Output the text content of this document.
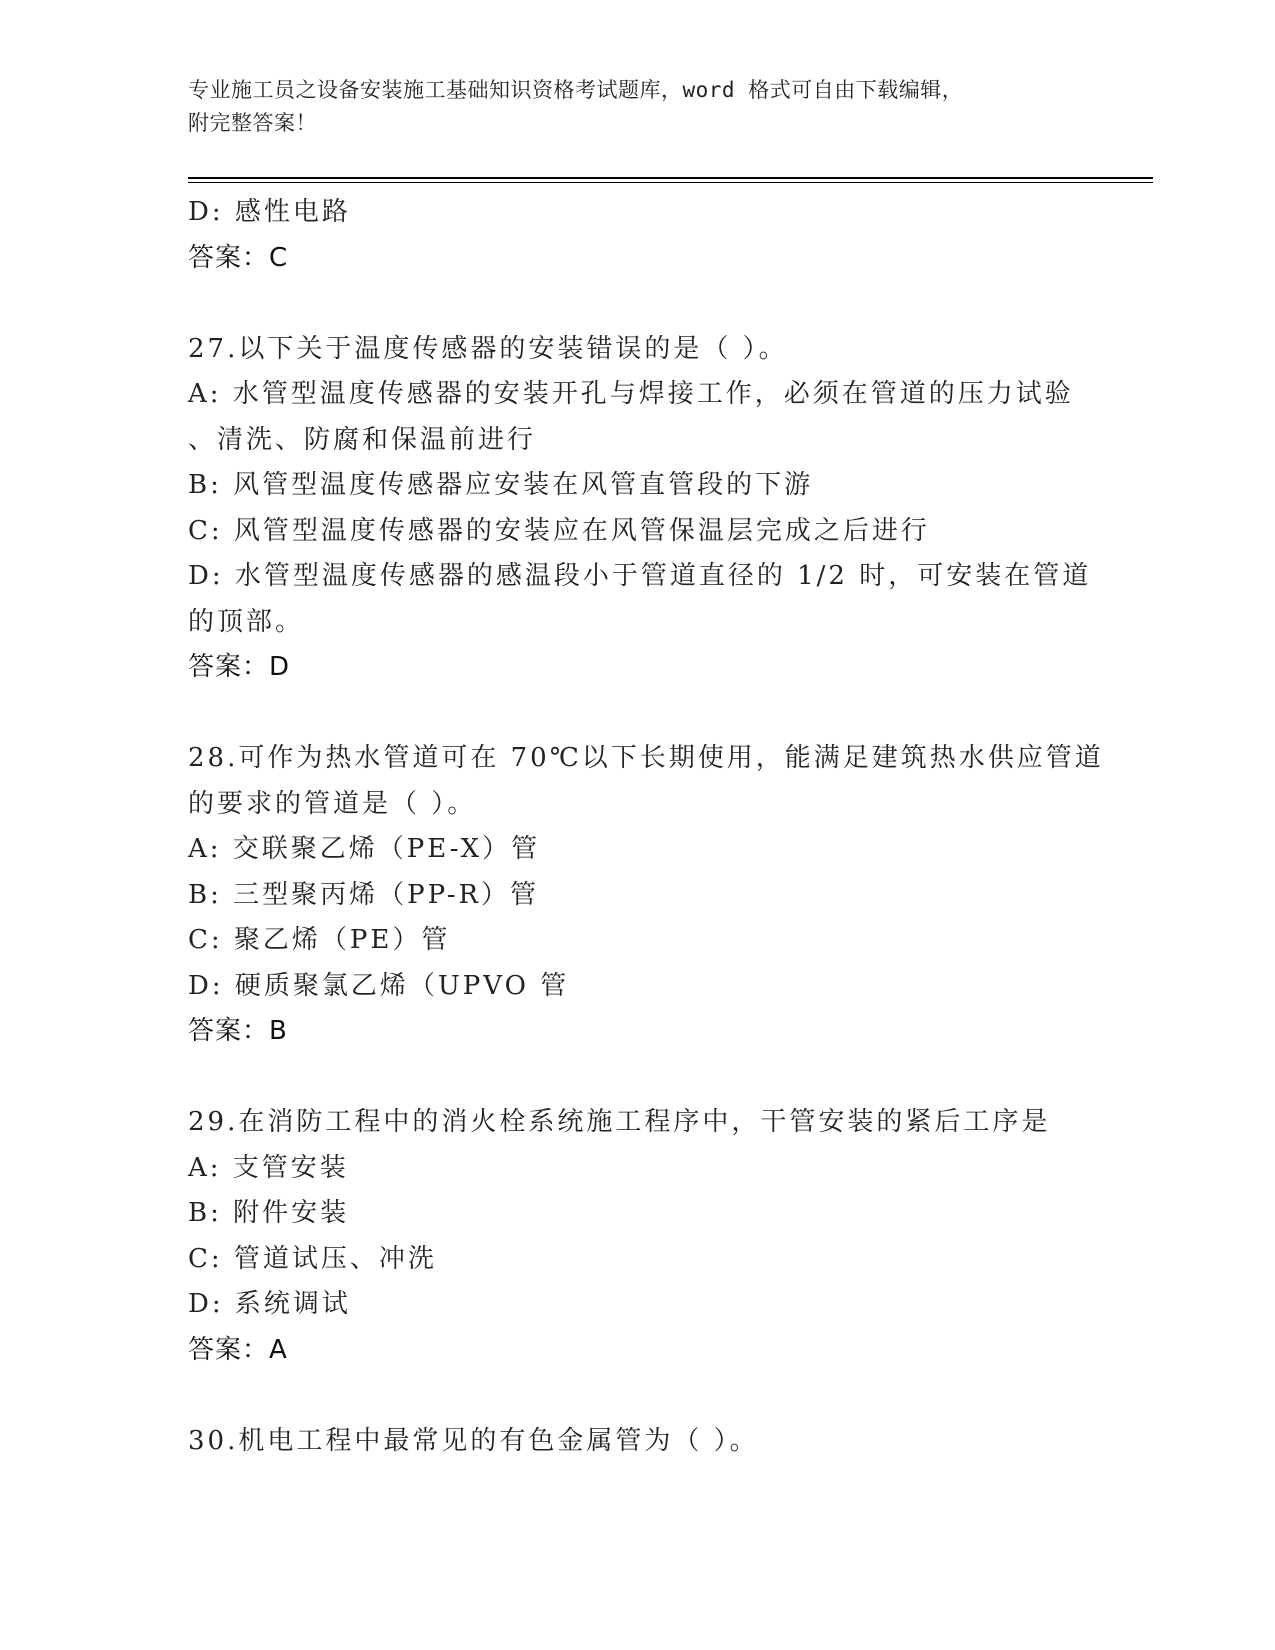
专业施工员之设备安装施工基础知识资格考试题库，word 格式可自由下载编辑，
附完整答案！
D: 感性电路
答案：C
27.以下关于温度传感器的安装错误的是（ ）。
A: 水管型温度传感器的安装开孔与焊接工作，必须在管道的压力试验
、清洗、防腐和保温前进行
B: 风管型温度传感器应安装在风管直管段的下游
C: 风管型温度传感器的安装应在风管保温层完成之后进行
D: 水管型温度传感器的感温段小于管道直径的 1/2 时，可安装在管道
的顶部。
答案：D
28.可作为热水管道可在 70℃以下长期使用，能满足建筑热水供应管道
的要求的管道是（ ）。
A: 交联聚乙烯（PE-X）管
B: 三型聚丙烯（PP-R）管
C: 聚乙烯（PE）管
D: 硬质聚氯乙烯（UPVO 管
答案：B
29.在消防工程中的消火栓系统施工程序中，干管安装的紧后工序是
A: 支管安装
B: 附件安装
C: 管道试压、冲洗
D: 系统调试
答案：A
30.机电工程中最常见的有色金属管为（ ）。
